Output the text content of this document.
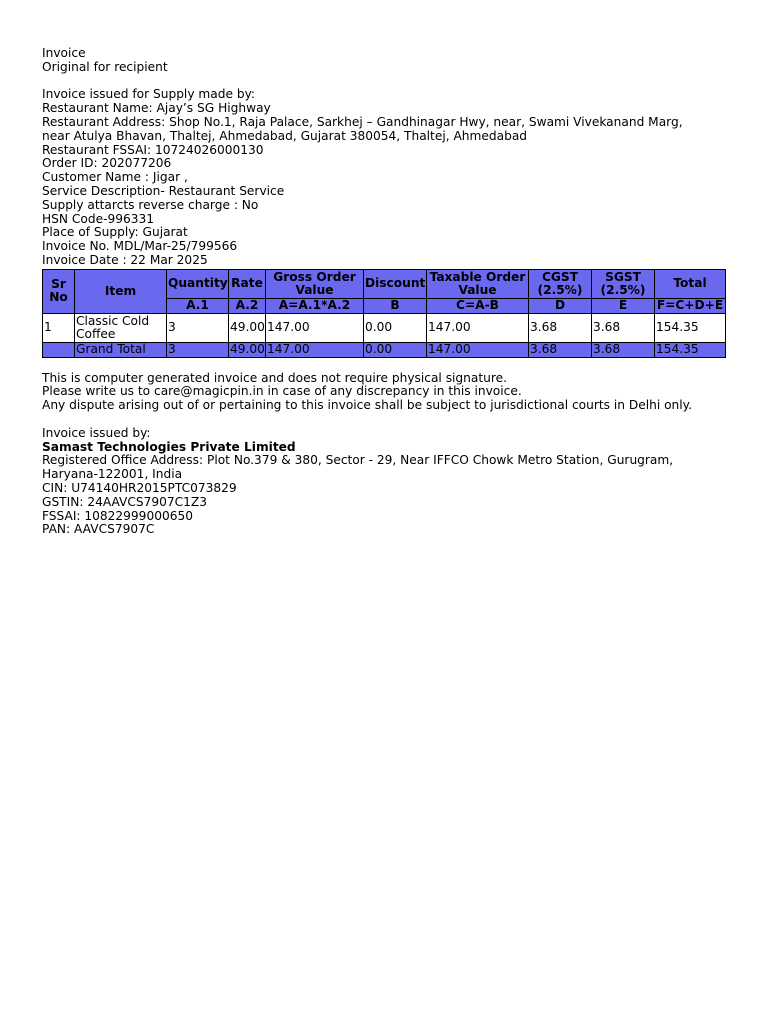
Invoice
Original for recipient
Invoice issued for Supply made by:
Restaurant Name: Ajay’s SG Highway
Restaurant Address: Shop No.1, Raja Palace, Sarkhej – Gandhinagar Hwy, near, Swami Vivekanand Marg,
near Atulya Bhavan, Thaltej, Ahmedabad, Gujarat 380054, Thaltej, Ahmedabad
Restaurant FSSAI: 10724026000130
Order ID: 202077206
Customer Name : Jigar ,
Service Description- Restaurant Service
Supply attarcts reverse charge : No
HSN Code-996331
Place of Supply: Gujarat
Invoice No. MDL/Mar-25/799566
Invoice Date : 22 Mar 2025
Sr No	Item	Quantity	Rate	Gross Order Value	Discount	Taxable Order Value	CGST (2.5%)	SGST (2.5%)	Total
		A.1	A.2	A=A.1*A.2	B	C=A-B	D	E	F=C+D+E
1	Classic Cold Coffee	3	49.00	147.00	0.00	147.00	3.68	3.68	154.35
	Grand Total	3	49.00	147.00	0.00	147.00	3.68	3.68	154.35
This is computer generated invoice and does not require physical signature.
Please write us to care@magicpin.in in case of any discrepancy in this invoice.
Any dispute arising out of or pertaining to this invoice shall be subject to jurisdictional courts in Delhi only.
Invoice issued by:
Samast Technologies Private Limited
Registered Office Address: Plot No.379 & 380, Sector - 29, Near IFFCO Chowk Metro Station, Gurugram, Haryana-122001, India
CIN: U74140HR2015PTC073829
GSTIN: 24AAVCS7907C1Z3
FSSAI: 10822999000650
PAN: AAVCS7907C
